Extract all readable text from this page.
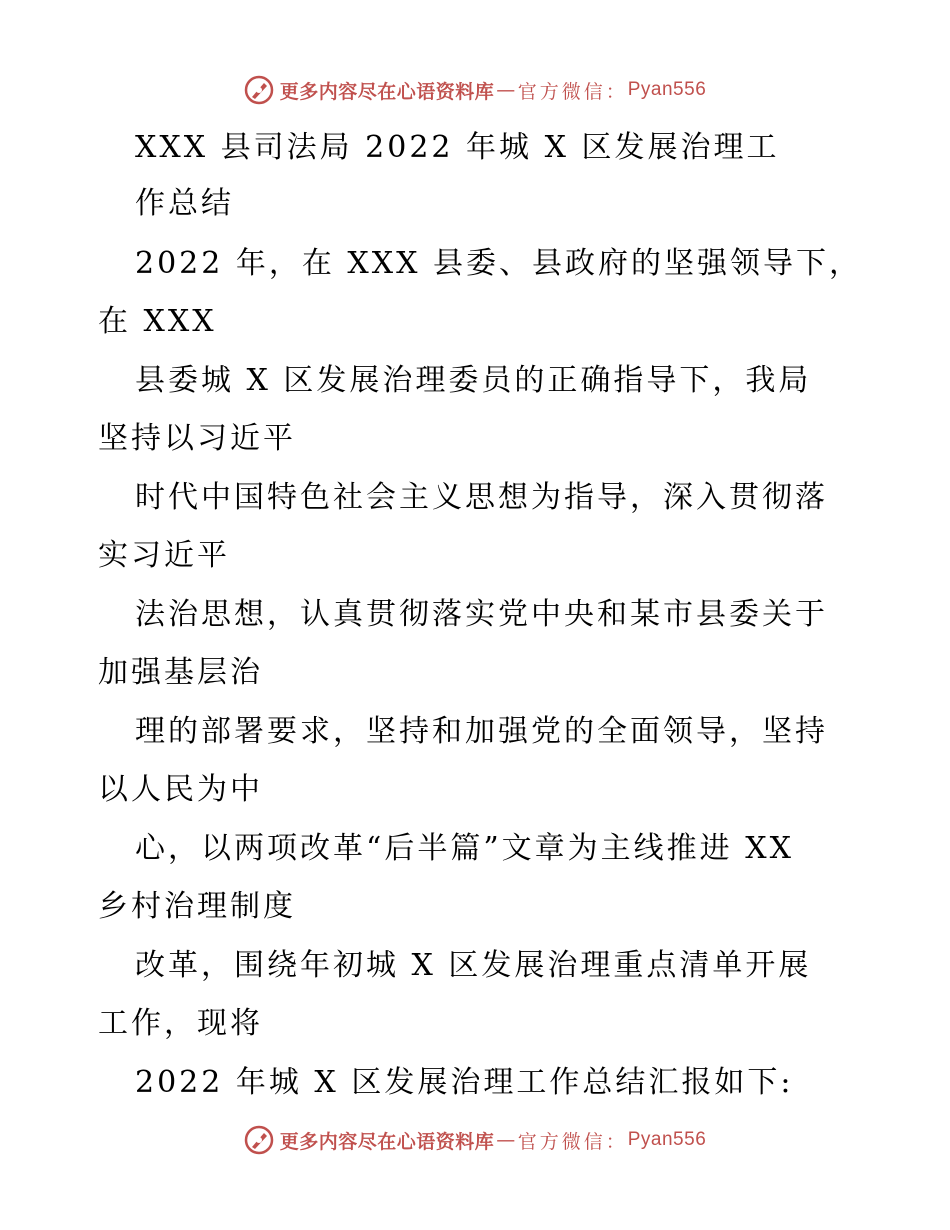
更多内容尽在心语资料库 — 官方微信： Pyan556
XXX 县司法局 2022 年城 X 区发展治理工
作总结
2022 年，在 XXX 县委、县政府的坚强领导下，
在 XXX
县委城 X 区发展治理委员的正确指导下，我局
坚持以习近平
时代中国特色社会主义思想为指导，深入贯彻落
实习近平
法治思想，认真贯彻落实党中央和某市县委关于
加强基层治
理的部署要求，坚持和加强党的全面领导，坚持
以人民为中
心，以两项改革“后半篇”文章为主线推进 XX
乡村治理制度
改革，围绕年初城 X 区发展治理重点清单开展
工作，现将
2022 年城 X 区发展治理工作总结汇报如下:
更多内容尽在心语资料库 — 官方微信： Pyan556
